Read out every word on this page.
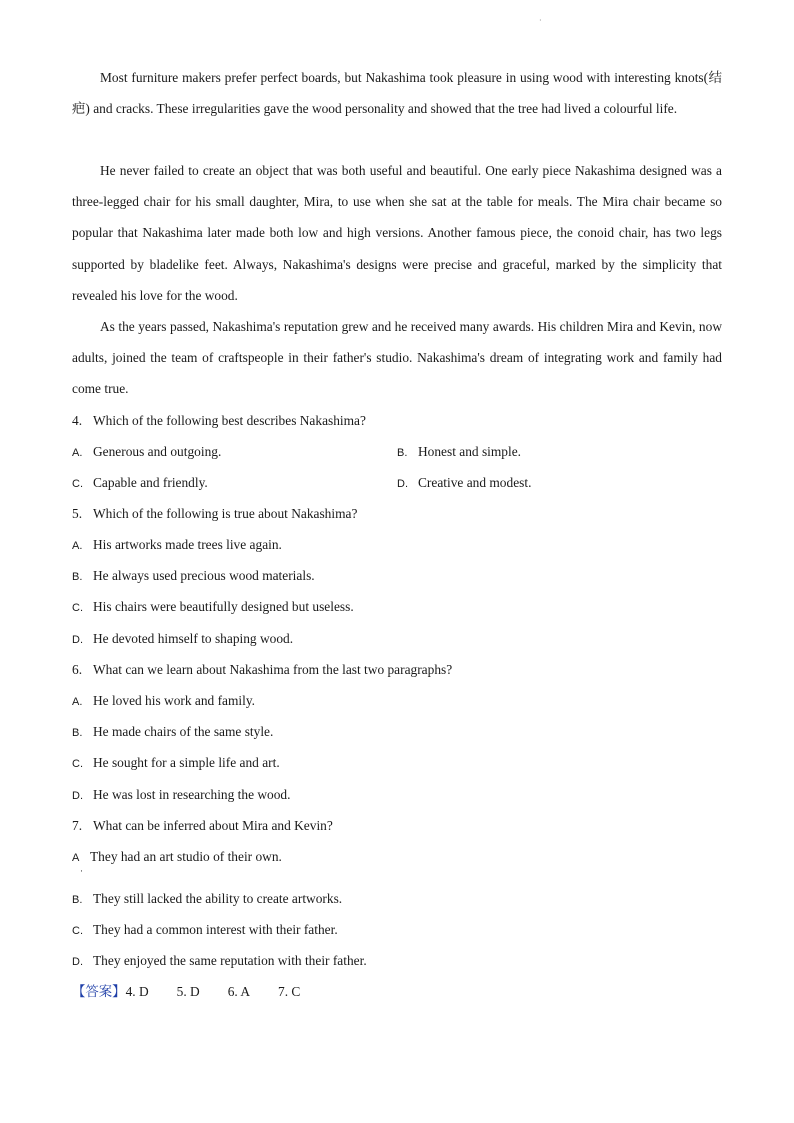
·

Most furniture makers prefer perfect boards, but Nakashima took pleasure in using wood with interesting knots(结疤) and cracks. These irregularities gave the wood personality and showed that the tree had lived a colourful life.

He never failed to create an object that was both useful and beautiful. One early piece Nakashima designed was a three-legged chair for his small daughter, Mira, to use when she sat at the table for meals. The Mira chair became so popular that Nakashima later made both low and high versions. Another famous piece, the conoid chair, has two legs supported by bladelike feet. Always, Nakashima's designs were precise and graceful, marked by the simplicity that revealed his love for the wood.

As the years passed, Nakashima's reputation grew and he received many awards. His children Mira and Kevin, now adults, joined the team of craftspeople in their father's studio. Nakashima's dream of integrating work and family had come true.

4. Which of the following best describes Nakashima?
A. Generous and outgoing.	B. Honest and simple.
C. Capable and friendly.	D. Creative and modest.
5. Which of the following is true about Nakashima?
A. His artworks made trees live again.
B. He always used precious wood materials.
C. His chairs were beautifully designed but useless.
D. He devoted himself to shaping wood.
6. What can we learn about Nakashima from the last two paragraphs?
A. He loved his work and family.
B. He made chairs of the same style.
C. He sought for a simple life and art.
D. He was lost in researching the wood.
7. What can be inferred about Mira and Kevin?
A They had an art studio of their own.
·
B. They still lacked the ability to create artworks.
C. They had a common interest with their father.
D. They enjoyed the same reputation with their father.
【答案】4. D 5. D 6. A 7. C
